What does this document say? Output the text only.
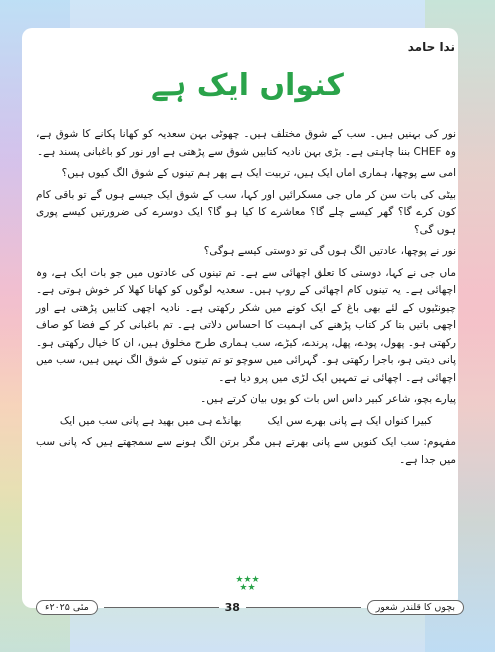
ندا حامد
کنواں ایک ہے

نور کی بہنیں ہیں۔ سب کے شوق مختلف ہیں۔ چھوٹی بہن سعدیہ کو کھانا پکانے کا شوق ہے، وہ CHEF بننا چاہتی ہے۔ بڑی بہن نادیہ کتابیں شوق سے پڑھتی ہے اور نور کو باغبانی پسند ہے۔

امی سے پوچھا، ہماری اماں ایک ہیں، تربیت ایک ہے پھر ہم تینوں کے شوق الگ کیوں ہیں؟

بیٹی کی بات سن کر ماں جی مسکرائیں اور کہا، سب کے شوق ایک جیسے ہوں گے تو باقی کام کون کرے گا؟ گھر کیسے چلے گا؟ معاشرے کا کیا ہو گا؟ ایک دوسرے کی ضرورتیں کیسے پوری ہوں گی؟

نور نے پوچھا، عادتیں الگ ہوں گی تو دوستی کیسے ہوگی؟

ماں جی نے کہا، دوستی کا تعلق اچھائی سے ہے۔ تم تینوں کی عادتوں میں جو بات ایک ہے، وہ اچھائی ہے۔ یہ تینوں کام اچھائی کے روپ ہیں۔ سعدیہ لوگوں کو کھانا کھلا کر خوش ہوتی ہے۔ چیونٹیوں کے لئے بھی باغ کے ایک کونے میں شکر رکھتی ہے۔ نادیہ اچھی کتابیں پڑھتی ہے اور اچھی باتیں بتا کر کتاب پڑھنے کی اہمیت کا احساس دلاتی ہے۔ تم باغبانی کر کے فضا کو صاف رکھتی ہو۔ پھول، پودے، پھل، پرندے، کیڑے، سب ہماری طرح مخلوق ہیں، ان کا خیال رکھتی ہو۔ پانی دیتی ہو، باجرا رکھتی ہو۔ گہرائی میں سوچو تو تم تینوں کے شوق الگ نہیں ہیں، سب میں اچھائی ہے۔ اچھائی نے تمہیں ایک لڑی میں پرو دیا ہے۔

پیارے بچو، شاعر کبیر داس اس بات کو یوں بیان کرتے ہیں۔

کبیرا کنواں ایک ہے پانی بھرے سں ایک
بھانڈے ہی میں بھید ہے پانی سب میں ایک

مفہوم: سب ایک کنویں سے پانی بھرتے ہیں مگر برتن الگ ہونے سے سمجھتے ہیں کہ پانی سب میں جدا ہے۔

★★★
★★
مئی ۲۰۲۵ء	38	بچوں کا قلندر شعور
